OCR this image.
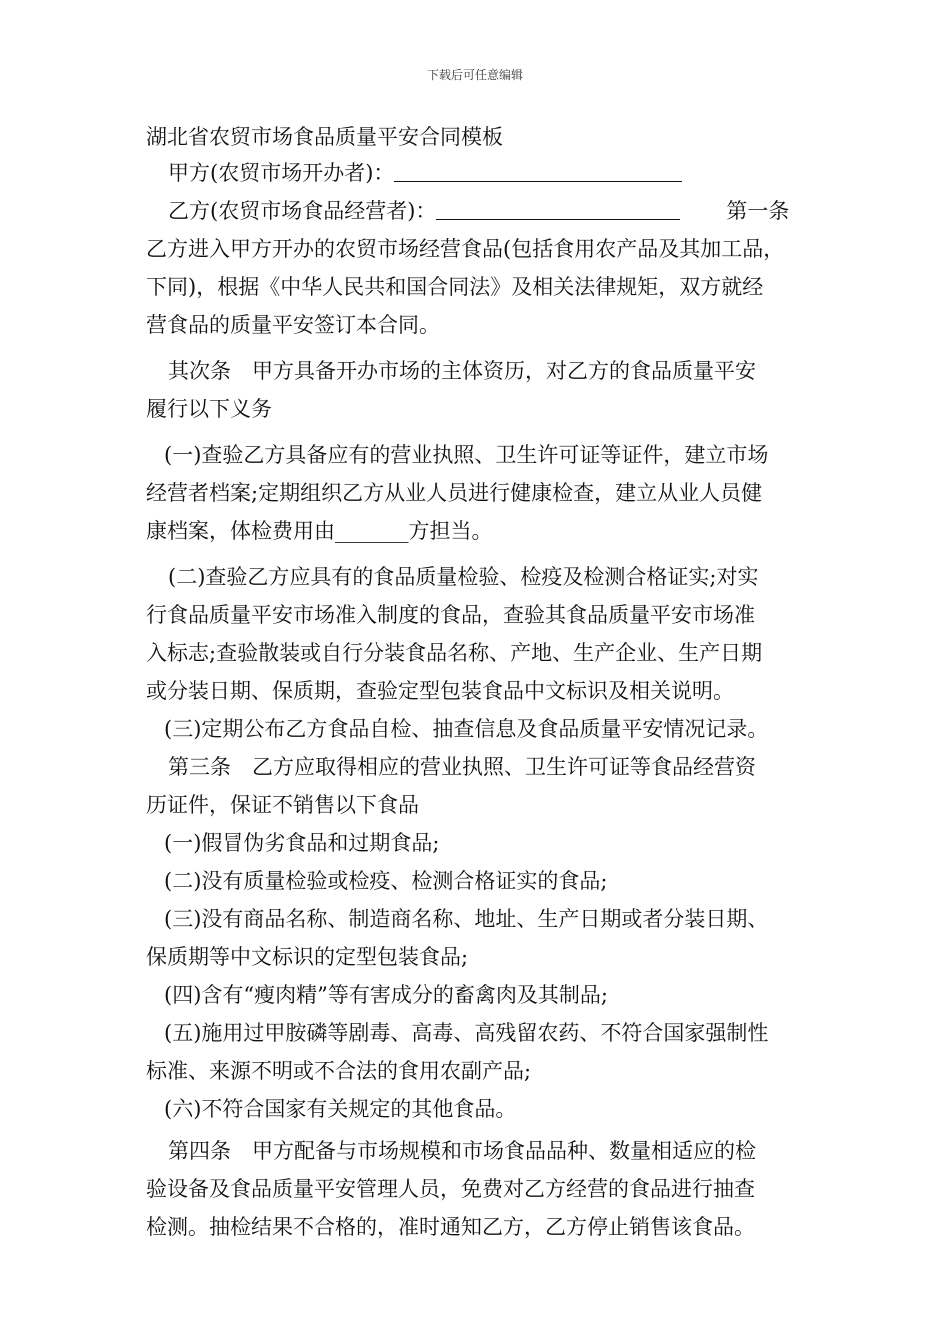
下载后可任意编辑
湖北省农贸市场食品质量平安合同模板
甲方(农贸市场开办者)：
乙方(农贸市场食品经营者)：	第一条
乙方进入甲方开办的农贸市场经营食品(包括食用农产品及其加工品，
下同)，根据《中华人民共和国合同法》及相关法律规矩，双方就经
营食品的质量平安签订本合同。
其次条　甲方具备开办市场的主体资历，对乙方的食品质量平安
履行以下义务
(一)查验乙方具备应有的营业执照、卫生许可证等证件，建立市场
经营者档案;定期组织乙方从业人员进行健康检查，建立从业人员健
康档案，体检费用由_______方担当。
(二)查验乙方应具有的食品质量检验、检疫及检测合格证实;对实
行食品质量平安市场准入制度的食品，查验其食品质量平安市场准
入标志;查验散装或自行分装食品名称、产地、生产企业、生产日期
或分装日期、保质期，查验定型包装食品中文标识及相关说明。
(三)定期公布乙方食品自检、抽查信息及食品质量平安情况记录。
第三条　乙方应取得相应的营业执照、卫生许可证等食品经营资
历证件，保证不销售以下食品
(一)假冒伪劣食品和过期食品;
(二)没有质量检验或检疫、检测合格证实的食品;
(三)没有商品名称、制造商名称、地址、生产日期或者分装日期、
保质期等中文标识的定型包装食品;
(四)含有“瘦肉精”等有害成分的畜禽肉及其制品;
(五)施用过甲胺磷等剧毒、高毒、高残留农药、不符合国家强制性
标准、来源不明或不合法的食用农副产品;
(六)不符合国家有关规定的其他食品。
第四条　甲方配备与市场规模和市场食品品种、数量相适应的检
验设备及食品质量平安管理人员，免费对乙方经营的食品进行抽查
检测。抽检结果不合格的，准时通知乙方，乙方停止销售该食品。
